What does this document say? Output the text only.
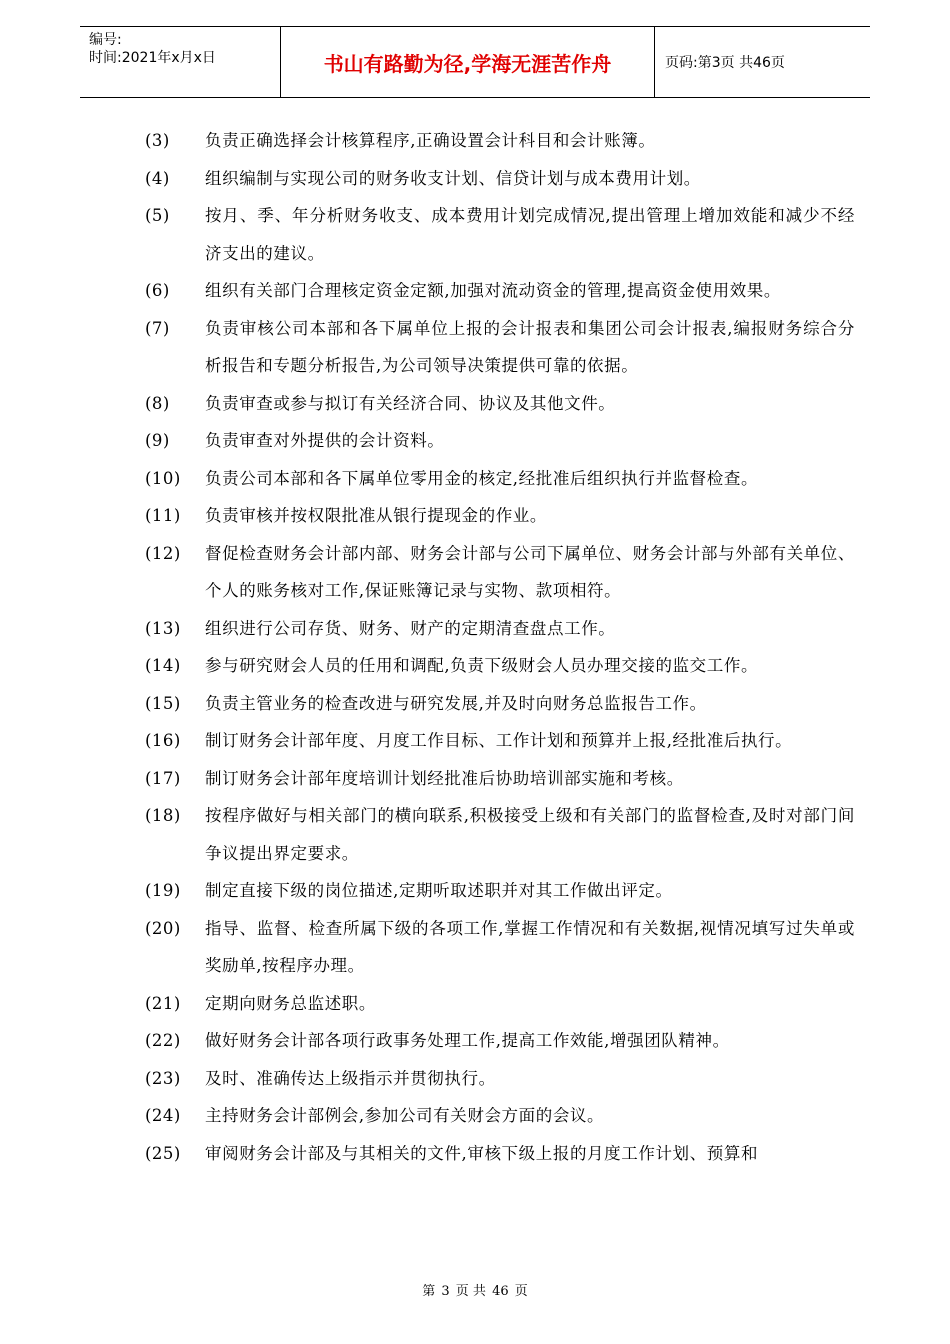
编号:
时间:2021年x月x日	书山有路勤为径,学海无涯苦作舟	页码:第3页 共46页
(3)	负责正确选择会计核算程序,正确设置会计科目和会计账簿。
(4)	组织编制与实现公司的财务收支计划、信贷计划与成本费用计划。
(5)	按月、季、年分析财务收支、成本费用计划完成情况,提出管理上增加效能和减少不经济支出的建议。
(6)	组织有关部门合理核定资金定额,加强对流动资金的管理,提高资金使用效果。
(7)	负责审核公司本部和各下属单位上报的会计报表和集团公司会计报表,编报财务综合分析报告和专题分析报告,为公司领导决策提供可靠的依据。
(8)	负责审查或参与拟订有关经济合同、协议及其他文件。
(9)	负责审查对外提供的会计资料。
(10)	负责公司本部和各下属单位零用金的核定,经批准后组织执行并监督检查。
(11)	负责审核并按权限批准从银行提现金的作业。
(12)	督促检查财务会计部内部、财务会计部与公司下属单位、财务会计部与外部有关单位、个人的账务核对工作,保证账簿记录与实物、款项相符。
(13)	组织进行公司存货、财务、财产的定期清查盘点工作。
(14)	参与研究财会人员的任用和调配,负责下级财会人员办理交接的监交工作。
(15)	负责主管业务的检查改进与研究发展,并及时向财务总监报告工作。
(16)	制订财务会计部年度、月度工作目标、工作计划和预算并上报,经批准后执行。
(17)	制订财务会计部年度培训计划经批准后协助培训部实施和考核。
(18)	按程序做好与相关部门的横向联系,积极接受上级和有关部门的监督检查,及时对部门间争议提出界定要求。
(19)	制定直接下级的岗位描述,定期听取述职并对其工作做出评定。
(20)	指导、监督、检查所属下级的各项工作,掌握工作情况和有关数据,视情况填写过失单或奖励单,按程序办理。
(21)	定期向财务总监述职。
(22)	做好财务会计部各项行政事务处理工作,提高工作效能,增强团队精神。
(23)	及时、准确传达上级指示并贯彻执行。
(24)	主持财务会计部例会,参加公司有关财会方面的会议。
(25)	审阅财务会计部及与其相关的文件,审核下级上报的月度工作计划、预算和
第 3 页 共 46 页
